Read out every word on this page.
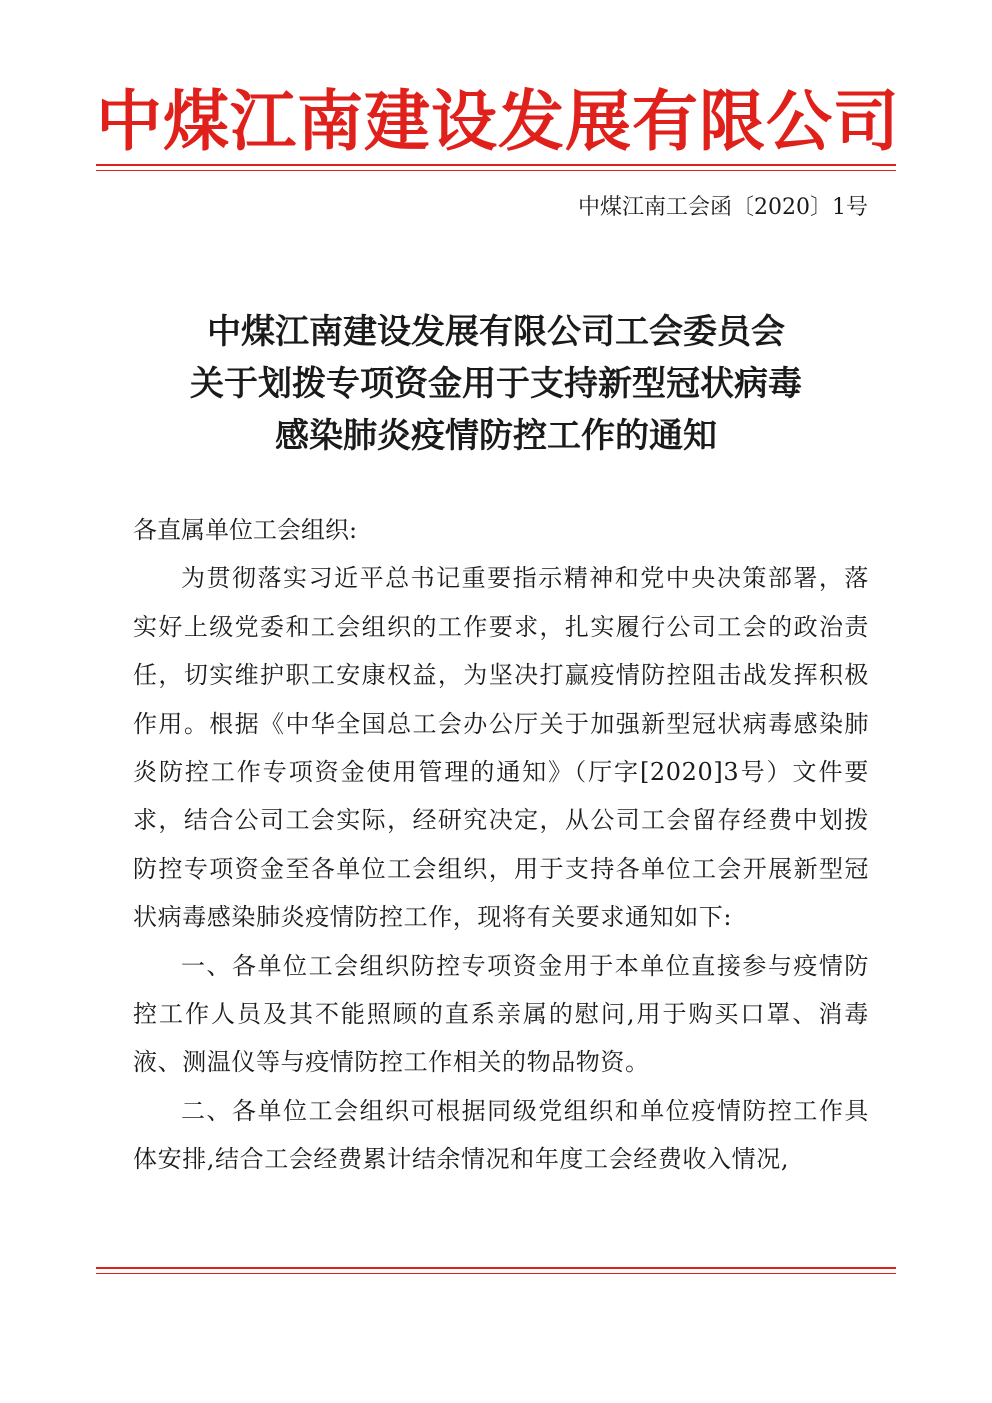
中煤江南建设发展有限公司
中煤江南工会函〔2020〕1号
中煤江南建设发展有限公司工会委员会
关于划拨专项资金用于支持新型冠状病毒
感染肺炎疫情防控工作的通知

各直属单位工会组织:

为贯彻落实习近平总书记重要指示精神和党中央决策部署，落实好上级党委和工会组织的工作要求，扎实履行公司工会的政治责任，切实维护职工安康权益，为坚决打赢疫情防控阻击战发挥积极作用。根据《中华全国总工会办公厅关于加强新型冠状病毒感染肺炎防控工作专项资金使用管理的通知》（厅字[2020]3号）文件要求，结合公司工会实际，经研究决定，从公司工会留存经费中划拨防控专项资金至各单位工会组织，用于支持各单位工会开展新型冠状病毒感染肺炎疫情防控工作，现将有关要求通知如下:

一、各单位工会组织防控专项资金用于本单位直接参与疫情防控工作人员及其不能照顾的直系亲属的慰问,用于购买口罩、消毒液、测温仪等与疫情防控工作相关的物品物资。

二、各单位工会组织可根据同级党组织和单位疫情防控工作具体安排,结合工会经费累计结余情况和年度工会经费收入情况,
